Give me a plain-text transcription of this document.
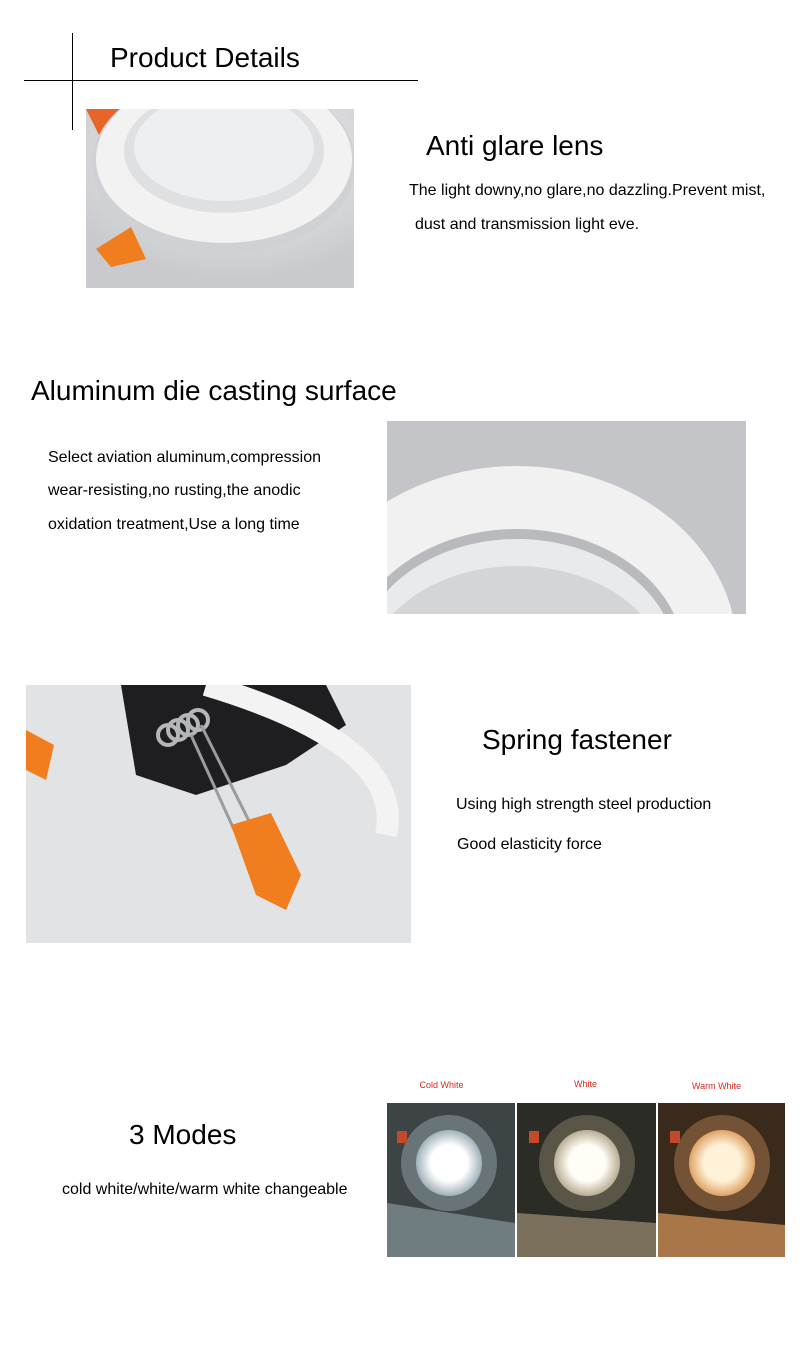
Product Details
Anti glare lens
The light downy,no glare,no dazzling.Prevent mist,
dust and transmission light eve.
Aluminum die casting surface
Select aviation aluminum,compression
wear-resisting,no rusting,the anodic
oxidation treatment,Use a long time
Spring fastener
Using high strength steel production
Good elasticity force
3 Modes
cold white/white/warm white changeable
Cold White	White	Warm White
